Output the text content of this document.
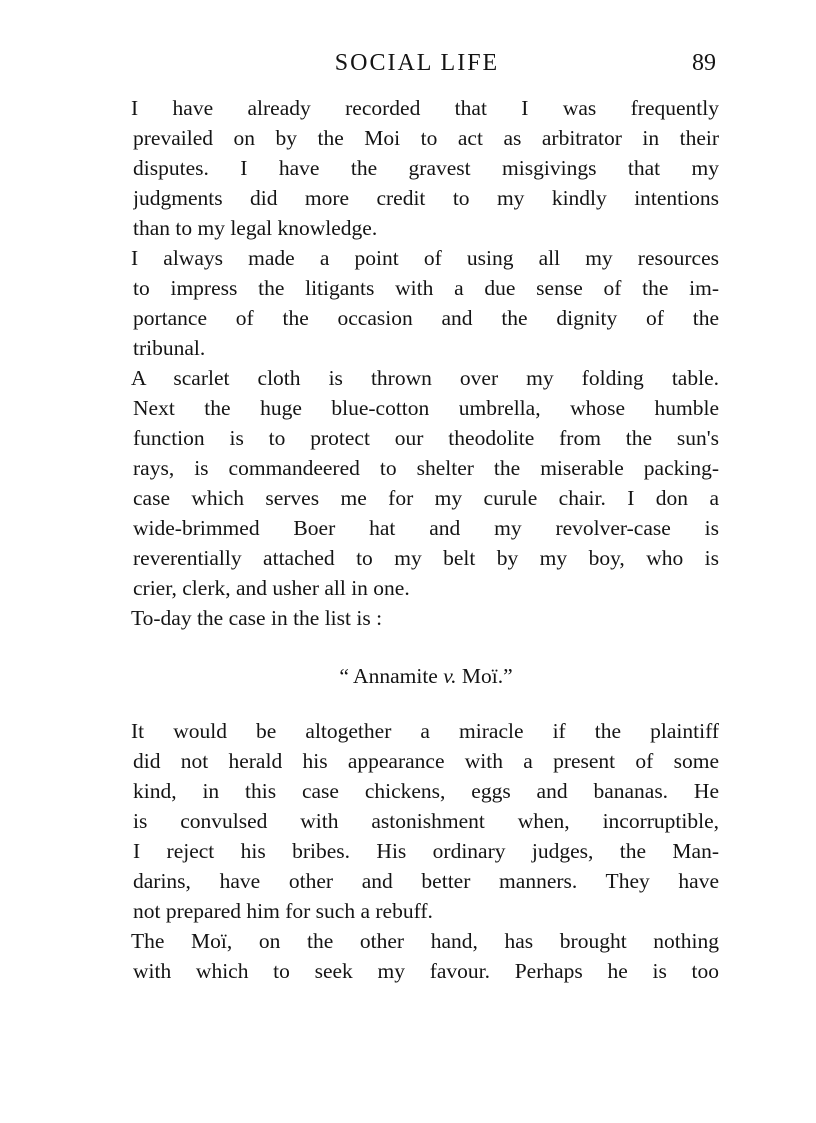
SOCIAL LIFE	89
I have already recorded that I was frequently
prevailed on by the Moi to act as arbitrator in their
disputes. I have the gravest misgivings that my
judgments did more credit to my kindly intentions
than to my legal knowledge.
I always made a point of using all my resources
to impress the litigants with a due sense of the im-
portance of the occasion and the dignity of the
tribunal.
A scarlet cloth is thrown over my folding table.
Next the huge blue-cotton umbrella, whose humble
function is to protect our theodolite from the sun's
rays, is commandeered to shelter the miserable packing-
case which serves me for my curule chair. I don a
wide-brimmed Boer hat and my revolver-case is
reverentially attached to my belt by my boy, who is
crier, clerk, and usher all in one.
To-day the case in the list is :
“ Annamite v. Moï.”
It would be altogether a miracle if the plaintiff
did not herald his appearance with a present of some
kind, in this case chickens, eggs and bananas. He
is convulsed with astonishment when, incorruptible,
I reject his bribes. His ordinary judges, the Man-
darins, have other and better manners. They have
not prepared him for such a rebuff.
The Moï, on the other hand, has brought nothing
with which to seek my favour. Perhaps he is too
